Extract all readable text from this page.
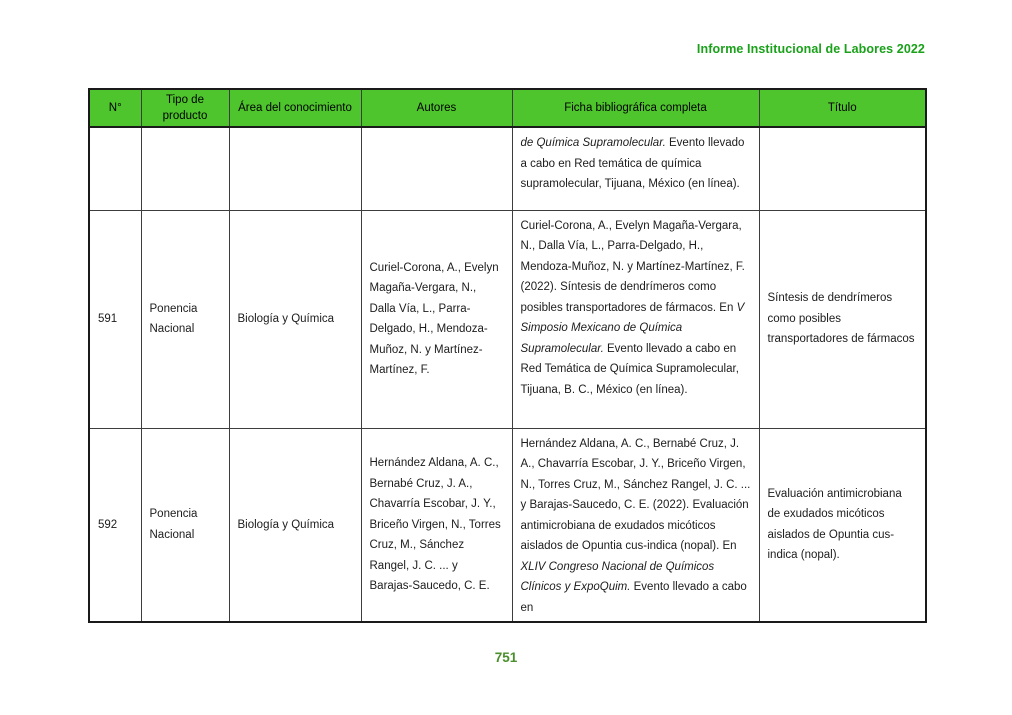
Informe Institucional de Labores 2022
N°	Tipo de producto	Área del conocimiento	Autores	Ficha bibliográfica completa	Título
				de Química Supramolecular. Evento llevado a cabo en Red temática de química supramolecular, Tijuana, México (en línea).	
591	Ponencia Nacional	Biología y Química	Curiel-Corona, A., Evelyn Magaña-Vergara, N., Dalla Vía, L., Parra- Delgado, H., Mendoza-Muñoz, N. y Martínez-Martínez, F.	Curiel-Corona, A., Evelyn Magaña-Vergara, N., Dalla Vía, L., Parra-Delgado, H., Mendoza-Muñoz, N. y Martínez-Martínez, F. (2022). Síntesis de dendrímeros como posibles transportadores de fármacos. En V Simposio Mexicano de Química Supramolecular. Evento llevado a cabo en Red Temática de Química Supramolecular, Tijuana, B. C., México (en línea).	Síntesis de dendrímeros como posibles transportadores de fármacos
592	Ponencia Nacional	Biología y Química	Hernández Aldana, A. C., Bernabé Cruz, J. A., Chavarría Escobar, J. Y., Briceño Virgen, N., Torres Cruz, M., Sánchez Rangel, J. C. ... y Barajas-Saucedo, C. E.	Hernández Aldana, A. C., Bernabé Cruz, J. A., Chavarría Escobar, J. Y., Briceño Virgen, N., Torres Cruz, M., Sánchez Rangel, J. C. ... y Barajas-Saucedo, C. E. (2022). Evaluación antimicrobiana de exudados micóticos aislados de Opuntia cus-indica (nopal). En XLIV Congreso Nacional de Químicos Clínicos y ExpoQuim. Evento llevado a cabo en	Evaluación antimicrobiana de exudados micóticos aislados de Opuntia cus-indica (nopal).
751
